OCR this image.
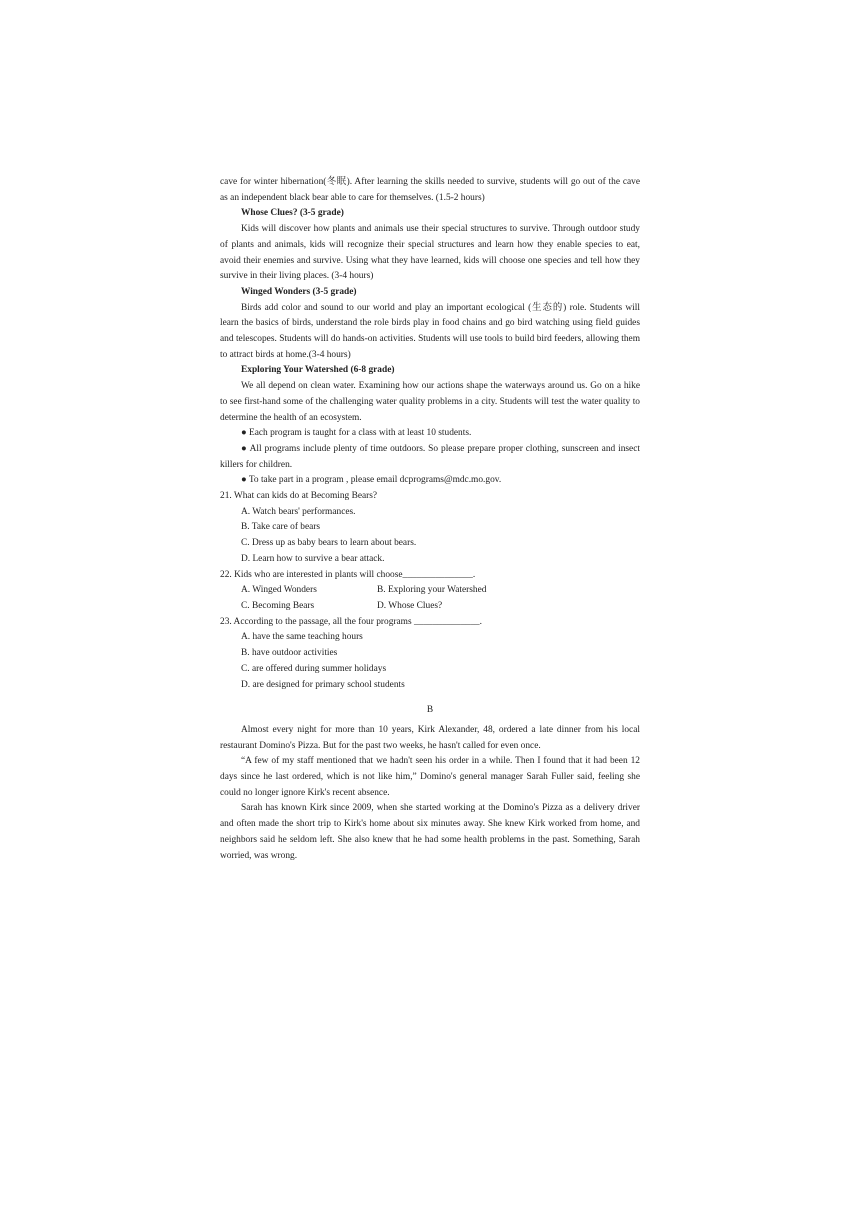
cave for winter hibernation(冬眠). After learning the skills needed to survive, students will go out of the cave as an independent black bear able to care for themselves. (1.5-2 hours)

Whose Clues? (3-5 grade)

Kids will discover how plants and animals use their special structures to survive. Through outdoor study of plants and animals, kids will recognize their special structures and learn how they enable species to eat, avoid their enemies and survive. Using what they have learned, kids will choose one species and tell how they survive in their living places. (3-4 hours)

Winged Wonders (3-5 grade)

Birds add color and sound to our world and play an important ecological (生态的) role. Students will learn the basics of birds, understand the role birds play in food chains and go bird watching using field guides and telescopes. Students will do hands-on activities. Students will use tools to build bird feeders, allowing them to attract birds at home.(3-4 hours)

Exploring Your Watershed (6-8 grade)

We all depend on clean water. Examining how our actions shape the waterways around us. Go on a hike to see first-hand some of the challenging water quality problems in a city. Students will test the water quality to determine the health of an ecosystem.

● Each program is taught for a class with at least 10 students.

● All programs include plenty of time outdoors. So please prepare proper clothing, sunscreen and insect killers for children.

● To take part in a program , please email dcprograms@mdc.mo.gov.

21. What can kids do at Becoming Bears?

A. Watch bears' performances.

B. Take care of bears

C. Dress up as baby bears to learn about bears.

D. Learn how to survive a bear attack.

22. Kids who are interested in plants will choose_______________.

A. Winged Wonders	B. Exploring your Watershed
C. Becoming Bears	D. Whose Clues?

23. According to the passage, all the four programs ______________.

A. have the same teaching hours

B. have outdoor activities

C. are offered during summer holidays

D. are designed for primary school students

B

Almost every night for more than 10 years, Kirk Alexander, 48, ordered a late dinner from his local restaurant Domino's Pizza. But for the past two weeks, he hasn't called for even once.

“A few of my staff mentioned that we hadn't seen his order in a while. Then I found that it had been 12 days since he last ordered, which is not like him,” Domino's general manager Sarah Fuller said, feeling she could no longer ignore Kirk's recent absence.

Sarah has known Kirk since 2009, when she started working at the Domino's Pizza as a delivery driver and often made the short trip to Kirk's home about six minutes away. She knew Kirk worked from home, and neighbors said he seldom left. She also knew that he had some health problems in the past. Something, Sarah worried, was wrong.
